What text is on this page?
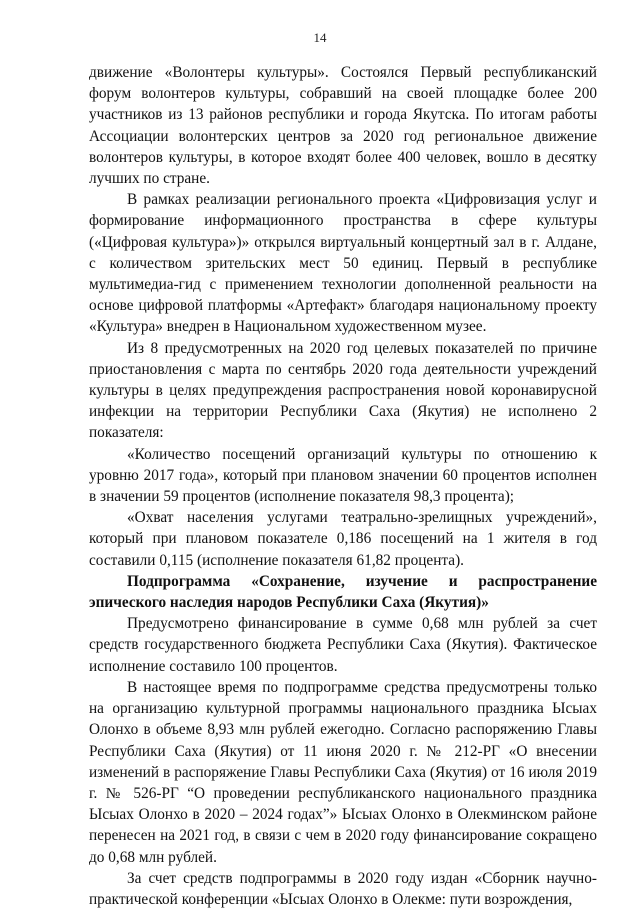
14

движение «Волонтеры культуры». Состоялся Первый республиканский форум волонтеров культуры, собравший на своей площадке более 200 участников из 13 районов республики и города Якутска. По итогам работы Ассоциации волонтерских центров за 2020 год региональное движение волонтеров культуры, в которое входят более 400 человек, вошло в десятку лучших по стране.

В рамках реализации регионального проекта «Цифровизация услуг и формирование информационного пространства в сфере культуры («Цифровая культура»)» открылся виртуальный концертный зал в г. Алдане, с количеством зрительских мест 50 единиц. Первый в республике мультимедиа-гид с применением технологии дополненной реальности на основе цифровой платформы «Артефакт» благодаря национальному проекту «Культура» внедрен в Национальном художественном музее.

Из 8 предусмотренных на 2020 год целевых показателей по причине приостановления с марта по сентябрь 2020 года деятельности учреждений культуры в целях предупреждения распространения новой коронавирусной инфекции на территории Республики Саха (Якутия) не исполнено 2 показателя:

«Количество посещений организаций культуры по отношению к уровню 2017 года», который при плановом значении 60 процентов исполнен в значении 59 процентов (исполнение показателя 98,3 процента);

«Охват населения услугами театрально-зрелищных учреждений», который при плановом показателе 0,186 посещений на 1 жителя в год составили 0,115 (исполнение показателя 61,82 процента).

Подпрограмма «Сохранение, изучение и распространение эпического наследия народов Республики Саха (Якутия)»

Предусмотрено финансирование в сумме 0,68 млн рублей за счет средств государственного бюджета Республики Саха (Якутия). Фактическое исполнение составило 100 процентов.

В настоящее время по подпрограмме средства предусмотрены только на организацию культурной программы национального праздника Ысыах Олонхо в объеме 8,93 млн рублей ежегодно. Согласно распоряжению Главы Республики Саха (Якутия) от 11 июня 2020 г. № 212-РГ «О внесении изменений в распоряжение Главы Республики Саха (Якутия) от 16 июля 2019 г. № 526-РГ “О проведении республиканского национального праздника Ысыах Олонхо в 2020 – 2024 годах”» Ысыах Олонхо в Олекминском районе перенесен на 2021 год, в связи с чем в 2020 году финансирование сокращено до 0,68 млн рублей.

За счет средств подпрограммы в 2020 году издан «Сборник научно-практической конференции «Ысыах Олонхо в Олекме: пути возрождения,
